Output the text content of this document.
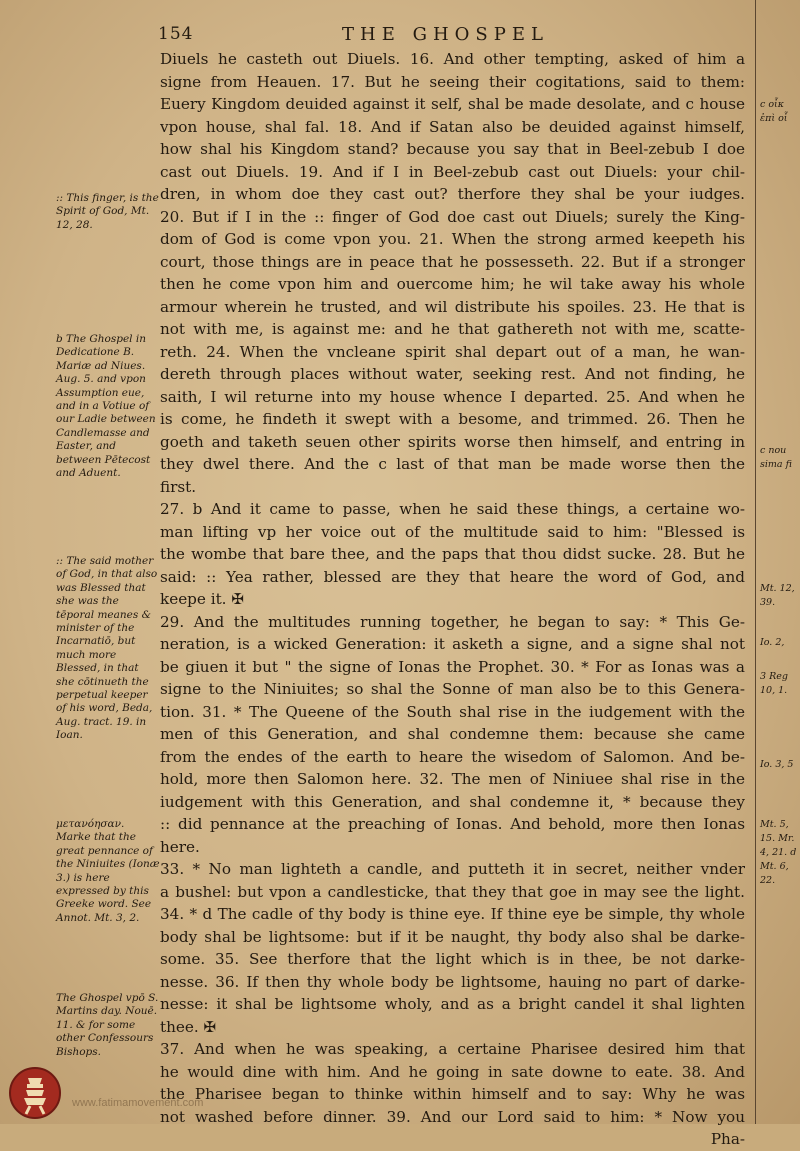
154	THE GHOSPEL
:: This finger, is the Spirit of God, Mt. 12, 28.
b The Ghospel in Dedicatione B. Mariæ ad Niues. Aug. 5. and vpon Assumption eue, and in a Votiue of our Ladie between Candlemasse and Easter, and between Pētecost and Aduent.
:: The said mother of God, in that also was Blessed that she was the tēporal meanes & minister of the Incarnatiō, but much more Blessed, in that she cōtinueth the perpetual keeper of his word, Beda, Aug. tract. 19. in Ioan.
μετανόησαν. Marke that the great pennance of the Niniuites (Ionæ 3.) is here expressed by this Greeke word. See Annot. Mt. 3, 2.
The Ghospel vpō S. Martins day. Nouē. 11. & for some other Confessours Bishops.
Diuels he casteth out Diuels. 16. And other tempting, asked of him a
signe from Heauen. 17. But he seeing their cogitations, said to them:
Euery Kingdom deuided against it self, shal be made desolate, and c house
vpon house, shal fal. 18. And if Satan also be deuided against himself,
how shal his Kingdom stand? because you say that in Beel-zebub I doe
cast out Diuels. 19. And if I in Beel-zebub cast out Diuels: your chil-
dren, in whom doe they cast out? therfore they shal be your iudges.
20. But if I in the :: finger of God doe cast out Diuels; surely the King-
dom of God is come vpon you. 21. When the strong armed keepeth his
court, those things are in peace that he possesseth. 22. But if a stronger
then he come vpon him and ouercome him; he wil take away his whole
armour wherein he trusted, and wil distribute his spoiles. 23. He that is
not with me, is against me: and he that gathereth not with me, scatte-
reth. 24. When the vncleane spirit shal depart out of a man, he wan-
dereth through places without water, seeking rest. And not finding, he
saith, I wil returne into my house whence I departed. 25. And when he
is come, he findeth it swept with a besome, and trimmed. 26. Then he
goeth and taketh seuen other spirits worse then himself, and entring in
they dwel there. And the c last of that man be made worse then the
first.
27. b And it came to passe, when he said these things, a certaine wo-
man lifting vp her voice out of the multitude said to him: "Blessed is
the wombe that bare thee, and the paps that thou didst sucke. 28. But he
said: :: Yea rather, blessed are they that heare the word of God, and
keepe it. ✠
29. And the multitudes running together, he began to say: * This Ge-
neration, is a wicked Generation: it asketh a signe, and a signe shal not
be giuen it but " the signe of Ionas the Prophet. 30. * For as Ionas was a
signe to the Niniuites; so shal the Sonne of man also be to this Genera-
tion. 31. * The Queene of the South shal rise in the iudgement with the
men of this Generation, and shal condemne them: because she came
from the endes of the earth to heare the wisedom of Salomon. And be-
hold, more then Salomon here. 32. The men of Niniuee shal rise in the
iudgement with this Generation, and shal condemne it, * because they
:: did pennance at the preaching of Ionas. And behold, more then Ionas
here.
33. * No man lighteth a candle, and putteth it in secret, neither vnder
a bushel: but vpon a candlesticke, that they that goe in may see the light.
34. * d The cadle of thy body is thine eye. If thine eye be simple, thy whole
body shal be lightsome: but if it be naught, thy body also shal be darke-
some. 35. See therfore that the light which is in thee, be not darke-
nesse. 36. If then thy whole body be lightsome, hauing no part of darke-
nesse: it shal be lightsome wholy, and as a bright candel it shal lighten
thee. ✠
37. And when he was speaking, a certaine Pharisee desired him that
he would dine with him. And he going in sate downe to eate. 38. And
the Pharisee began to thinke within himself and to say: Why he was
not washed before dinner. 39. And our Lord said to him: * Now you
Pha-
c οἶκ ἐπὶ οἶ
c nou sima fi
Mt. 12, 39.
Io. 2,
3 Reg 10, 1.
Io. 3, 5
Mt. 5, 15. Mr. 4, 21. d Mt. 6, 22.
www.fatimamovement.com
